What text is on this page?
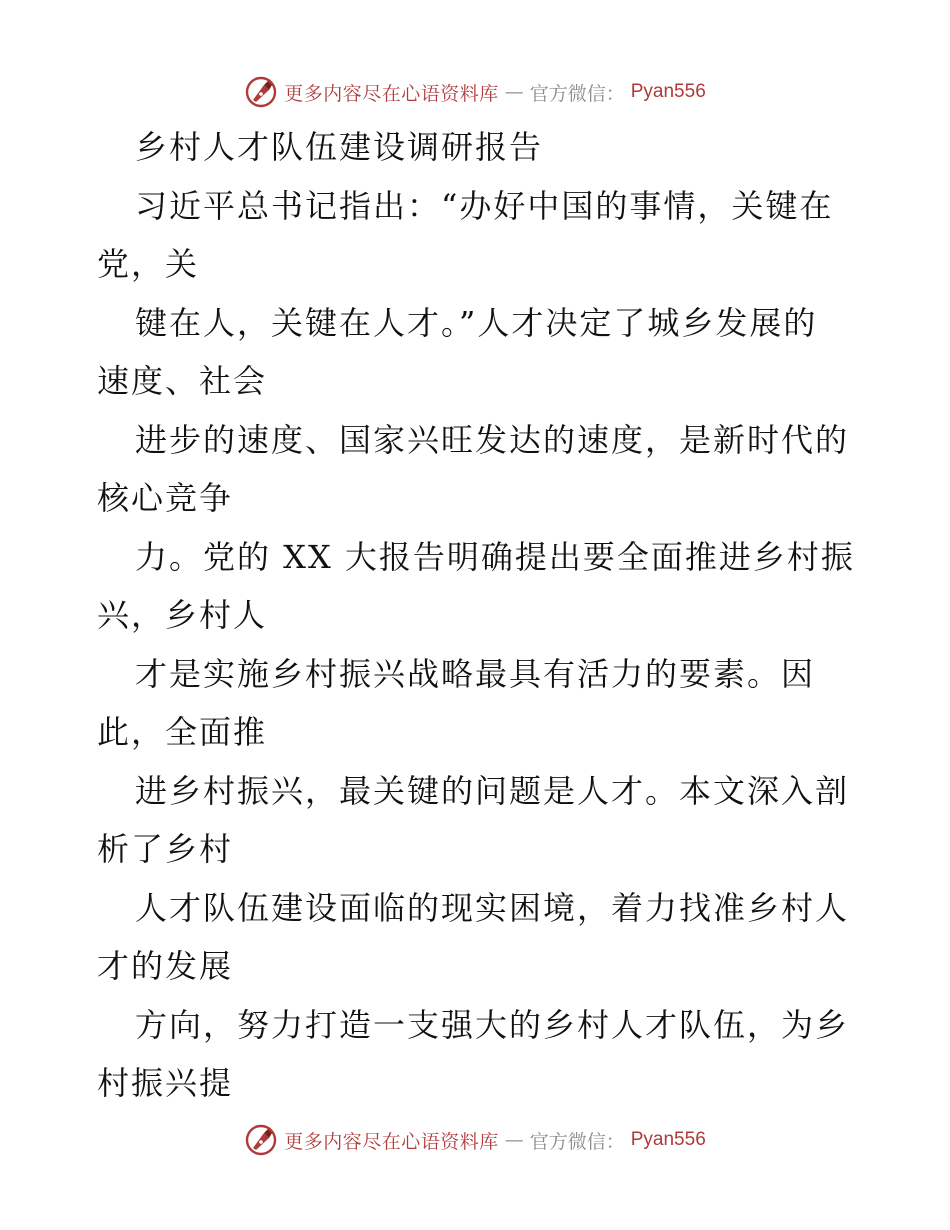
更多内容尽在心语资料库 — 官方微信： Pyan556
乡村人才队伍建设调研报告
习近平总书记指出：“办好中国的事情，关键在
党，关
键在人，关键在人才。”人才决定了城乡发展的
速度、社会
进步的速度、国家兴旺发达的速度，是新时代的
核心竞争
力。党的 XX 大报告明确提出要全面推进乡村振
兴，乡村人
才是实施乡村振兴战略最具有活力的要素。因
此，全面推
进乡村振兴，最关键的问题是人才。本文深入剖
析了乡村
人才队伍建设面临的现实困境，着力找准乡村人
才的发展
方向，努力打造一支强大的乡村人才队伍，为乡
村振兴提
更多内容尽在心语资料库 — 官方微信： Pyan556
